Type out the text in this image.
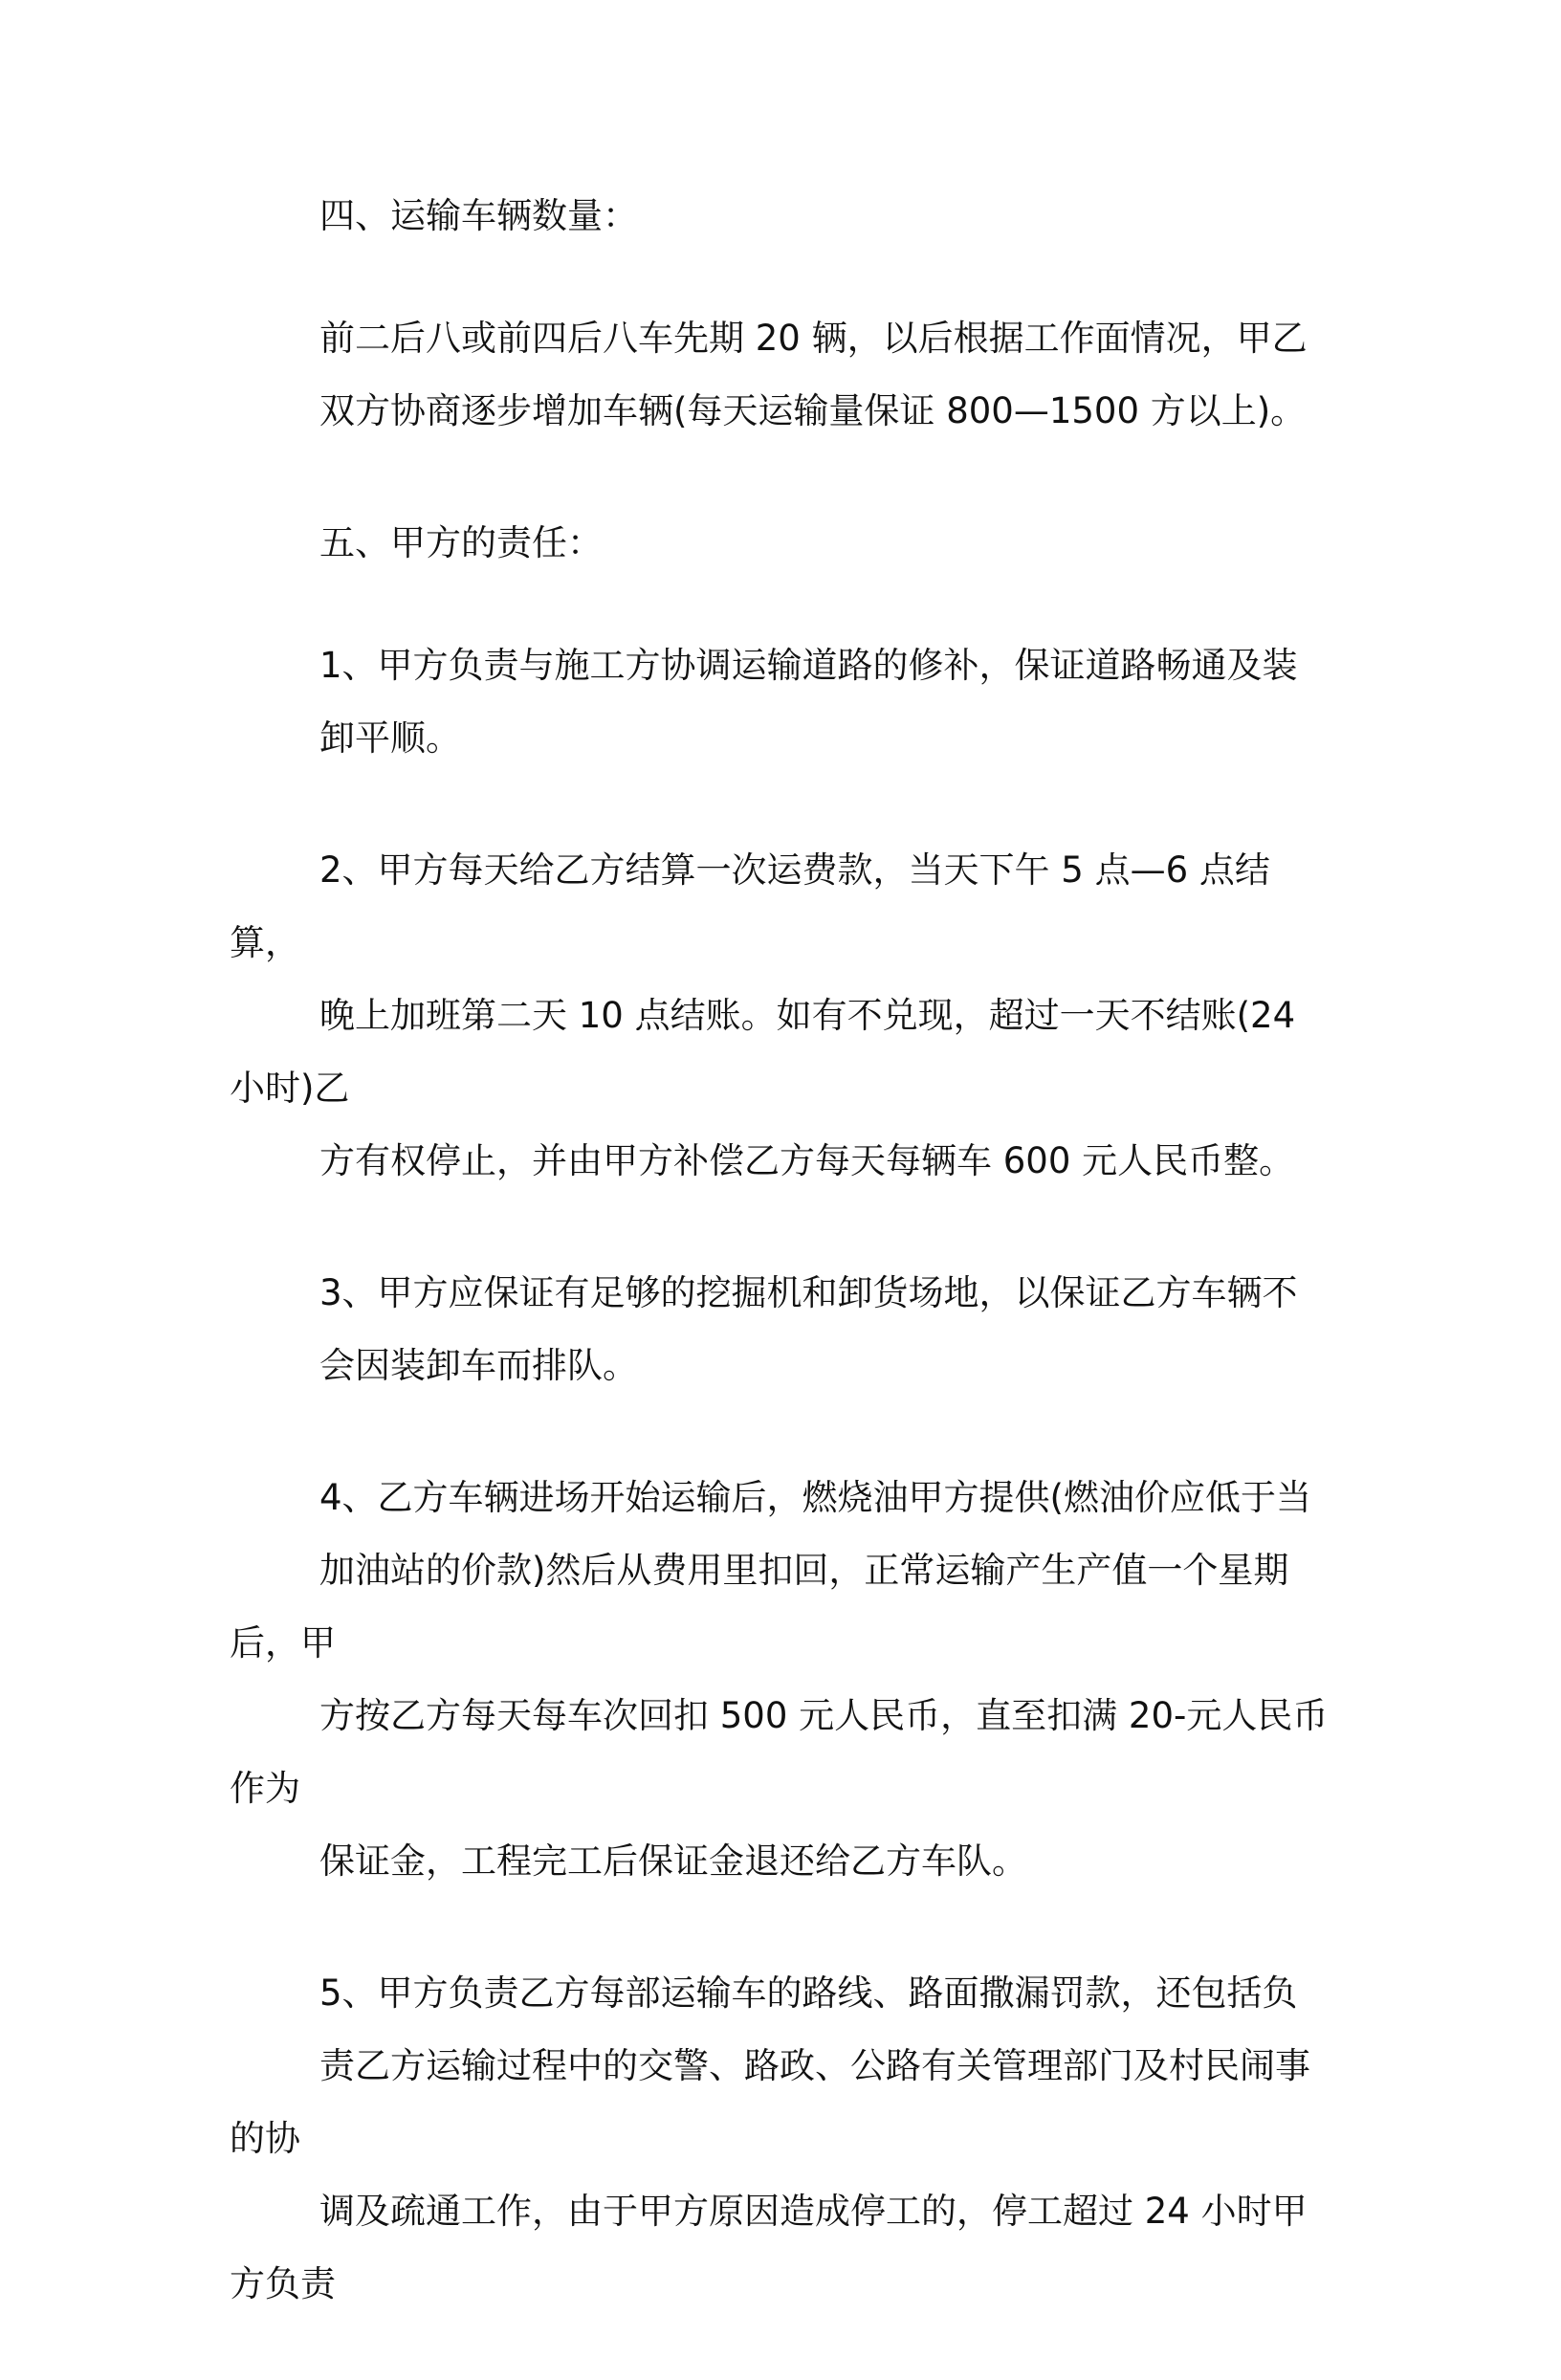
四、运输车辆数量：

前二后八或前四后八车先期 20 辆，以后根据工作面情况，甲乙
双方协商逐步增加车辆(每天运输量保证 800—1500 方以上)。

五、甲方的责任：

1、甲方负责与施工方协调运输道路的修补，保证道路畅通及装
卸平顺。

2、甲方每天给乙方结算一次运费款，当天下午 5 点—6 点结算，
晚上加班第二天 10 点结账。如有不兑现，超过一天不结账(24 小时)乙
方有权停止，并由甲方补偿乙方每天每辆车 600 元人民币整。

3、甲方应保证有足够的挖掘机和卸货场地，以保证乙方车辆不
会因装卸车而排队。

4、乙方车辆进场开始运输后，燃烧油甲方提供(燃油价应低于当
加油站的价款)然后从费用里扣回，正常运输产生产值一个星期后，甲
方按乙方每天每车次回扣 500 元人民币，直至扣满 20-元人民币作为
保证金，工程完工后保证金退还给乙方车队。

5、甲方负责乙方每部运输车的路线、路面撒漏罚款，还包括负
责乙方运输过程中的交警、路政、公路有关管理部门及村民闹事的协
调及疏通工作，由于甲方原因造成停工的，停工超过 24 小时甲方负责
